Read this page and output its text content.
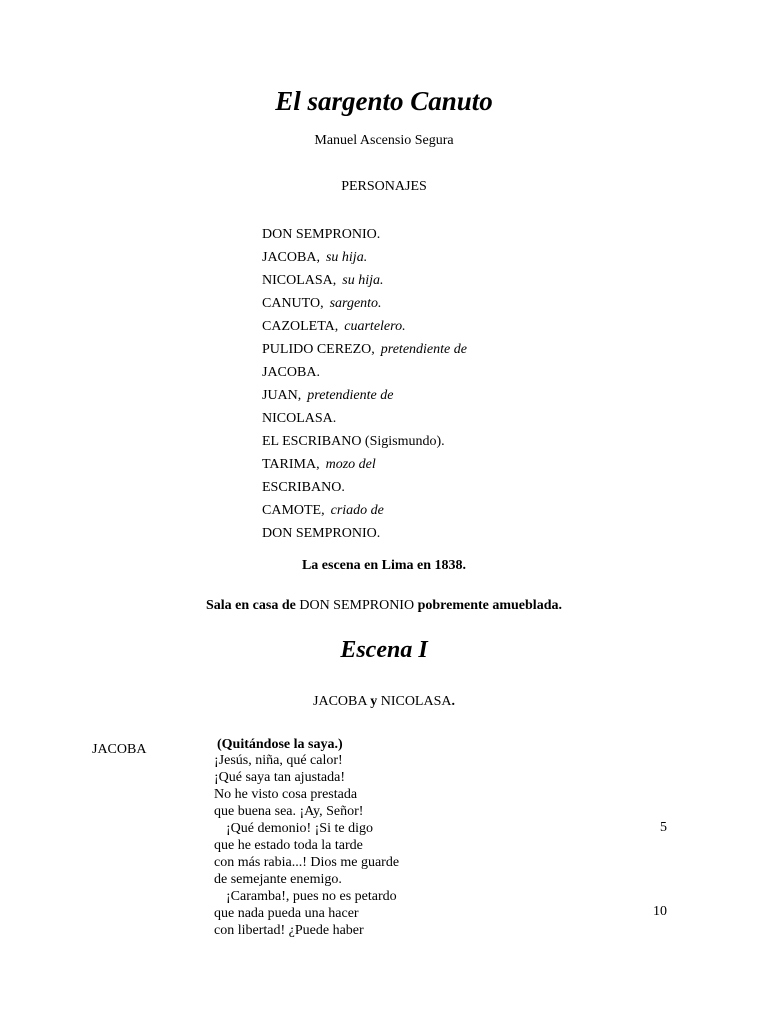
El sargento Canuto
Manuel Ascensio Segura
PERSONAJES
DON SEMPRONIO.
JACOBA, su hija.
NICOLASA, su hija.
CANUTO, sargento.
CAZOLETA, cuartelero.
PULIDO CEREZO, pretendiente de
JACOBA.
JUAN, pretendiente de
NICOLASA.
EL ESCRIBANO (Sigismundo).
TARIMA, mozo del
ESCRIBANO.
CAMOTE, criado de
DON SEMPRONIO.
La escena en Lima en 1838.
Sala en casa de DON SEMPRONIO pobremente amueblada.
Escena I
JACOBA y NICOLASA.
JACOBA	(Quitándose la saya.)
¡Jesús, niña, qué calor!
¡Qué saya tan ajustada!
No he visto cosa prestada
que buena sea. ¡Ay, Señor!
¡Qué demonio! ¡Si te digo
que he estado toda la tarde
con más rabia...! Dios me guarde
de semejante enemigo.
¡Caramba!, pues no es petardo
que nada pueda una hacer
con libertad! ¿Puede haber
5
10
